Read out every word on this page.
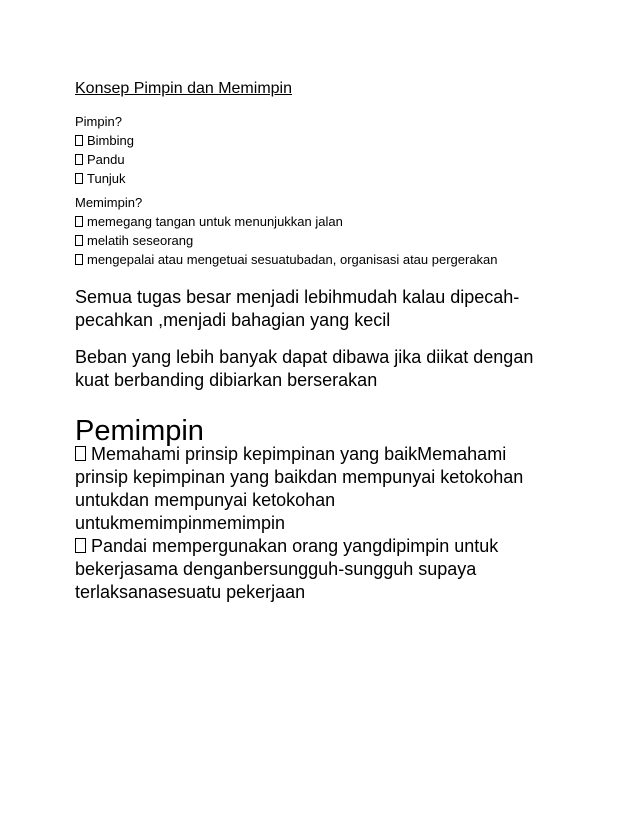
Konsep Pimpin dan Memimpin
Pimpin?
Bimbing
Pandu
Tunjuk
Memimpin?
memegang tangan untuk menunjukkan jalan
melatih seseorang
mengepalai atau mengetuai sesuatubadan, organisasi atau pergerakan
Semua tugas besar menjadi lebihmudah kalau dipecah-
pecahkan ,menjadi bahagian yang kecil
Beban yang lebih banyak dapat dibawa jika diikat dengan
kuat berbanding dibiarkan berserakan
Pemimpin
Memahami prinsip kepimpinan yang baikMemahami
prinsip kepimpinan yang baikdan mempunyai ketokohan
untukdan mempunyai ketokohan
untukmemimpinmemimpin
Pandai mempergunakan orang yangdipimpin untuk
bekerjasama denganbersungguh-sungguh supaya
terlaksanasesuatu pekerjaan
